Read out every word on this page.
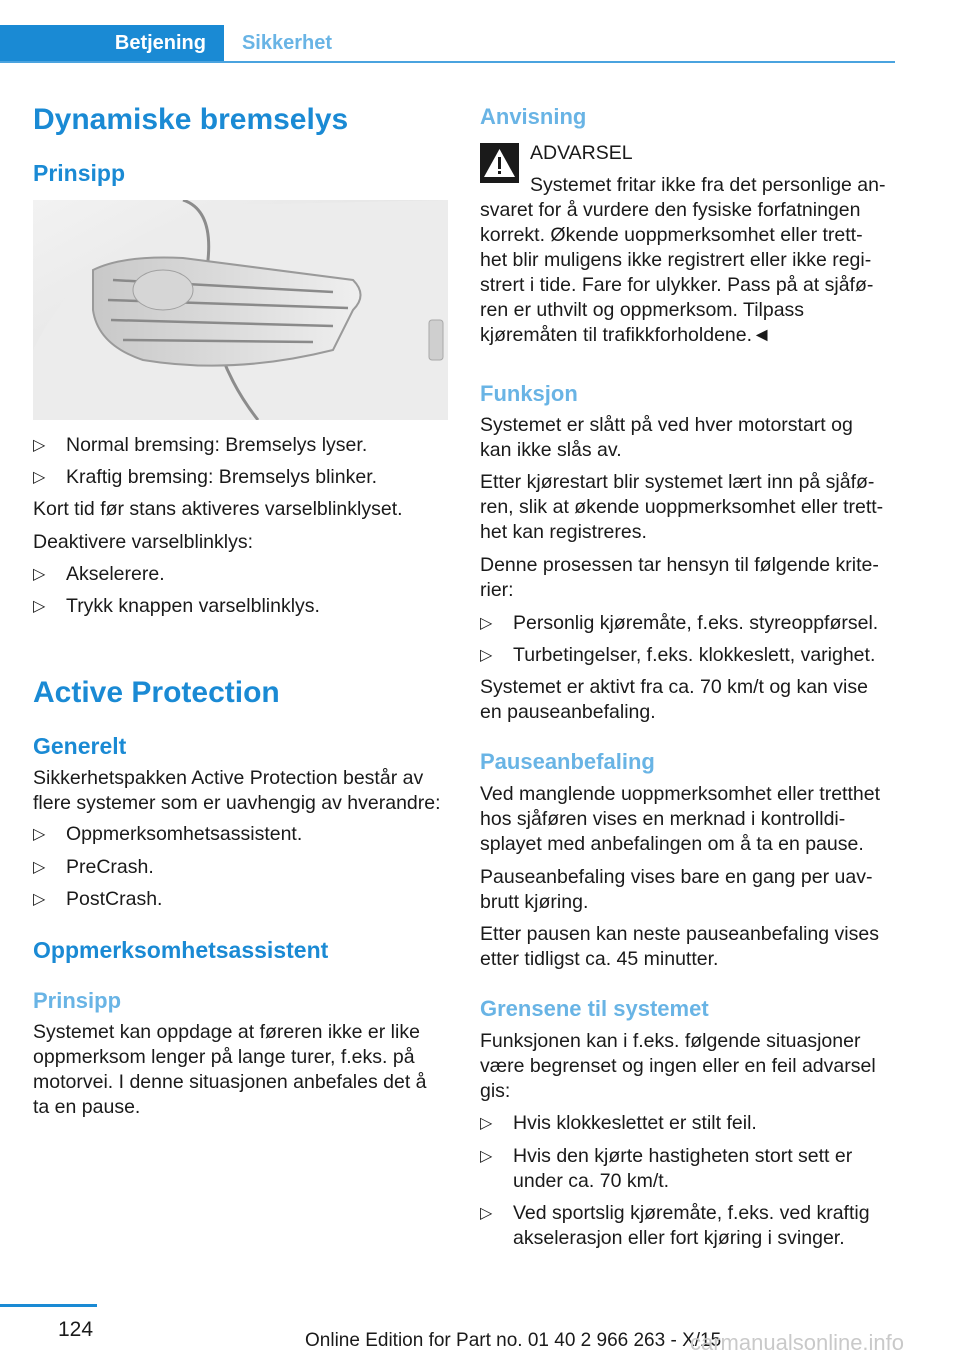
Betjening	Sikkerhet
Dynamiske bremselys
Prinsipp
▷ Normal bremsing: Bremselys lyser.
▷ Kraftig bremsing: Bremselys blinker.
Kort tid før stans aktiveres varselblinklyset.
Deaktivere varselblinklys:
▷ Akselerere.
▷ Trykk knappen varselblinklys.
Active Protection
Generelt
Sikkerhetspakken Active Protection består av
flere systemer som er uavhengig av hverandre:
▷ Oppmerksomhetsassistent.
▷ PreCrash.
▷ PostCrash.
Oppmerksomhetsassistent
Prinsipp
Systemet kan oppdage at føreren ikke er like
oppmerksom lenger på lange turer, f.eks. på
motorvei. I denne situasjonen anbefales det å
ta en pause.
Anvisning
ADVARSEL
Systemet fritar ikke fra det personlige an-
svaret for å vurdere den fysiske forfatningen
korrekt. Økende uoppmerksomhet eller trett-
het blir muligens ikke registrert eller ikke regi-
strert i tide. Fare for ulykker. Pass på at sjåfø-
ren er uthvilt og oppmerksom. Tilpass
kjøremåten til trafikkforholdene.◄
Funksjon
Systemet er slått på ved hver motorstart og
kan ikke slås av.
Etter kjørestart blir systemet lært inn på sjåfø-
ren, slik at økende uoppmerksomhet eller trett-
het kan registreres.
Denne prosessen tar hensyn til følgende krite-
rier:
▷ Personlig kjøremåte, f.eks. styreoppførsel.
▷ Turbetingelser, f.eks. klokkeslett, varighet.
Systemet er aktivt fra ca. 70 km/t og kan vise
en pauseanbefaling.
Pauseanbefaling
Ved manglende uoppmerksomhet eller tretthet
hos sjåføren vises en merknad i kontrolldi-
splayet med anbefalingen om å ta en pause.
Pauseanbefaling vises bare en gang per uav-
brutt kjøring.
Etter pausen kan neste pauseanbefaling vises
etter tidligst ca. 45 minutter.
Grensene til systemet
Funksjonen kan i f.eks. følgende situasjoner
være begrenset og ingen eller en feil advarsel
gis:
▷ Hvis klokkeslettet er stilt feil.
▷ Hvis den kjørte hastigheten stort sett er
under ca. 70 km/t.
▷ Ved sportslig kjøremåte, f.eks. ved kraftig
akselerasjon eller fort kjøring i svinger.
124	Online Edition for Part no. 01 40 2 966 263 - X/15
carmanualsonline.info
